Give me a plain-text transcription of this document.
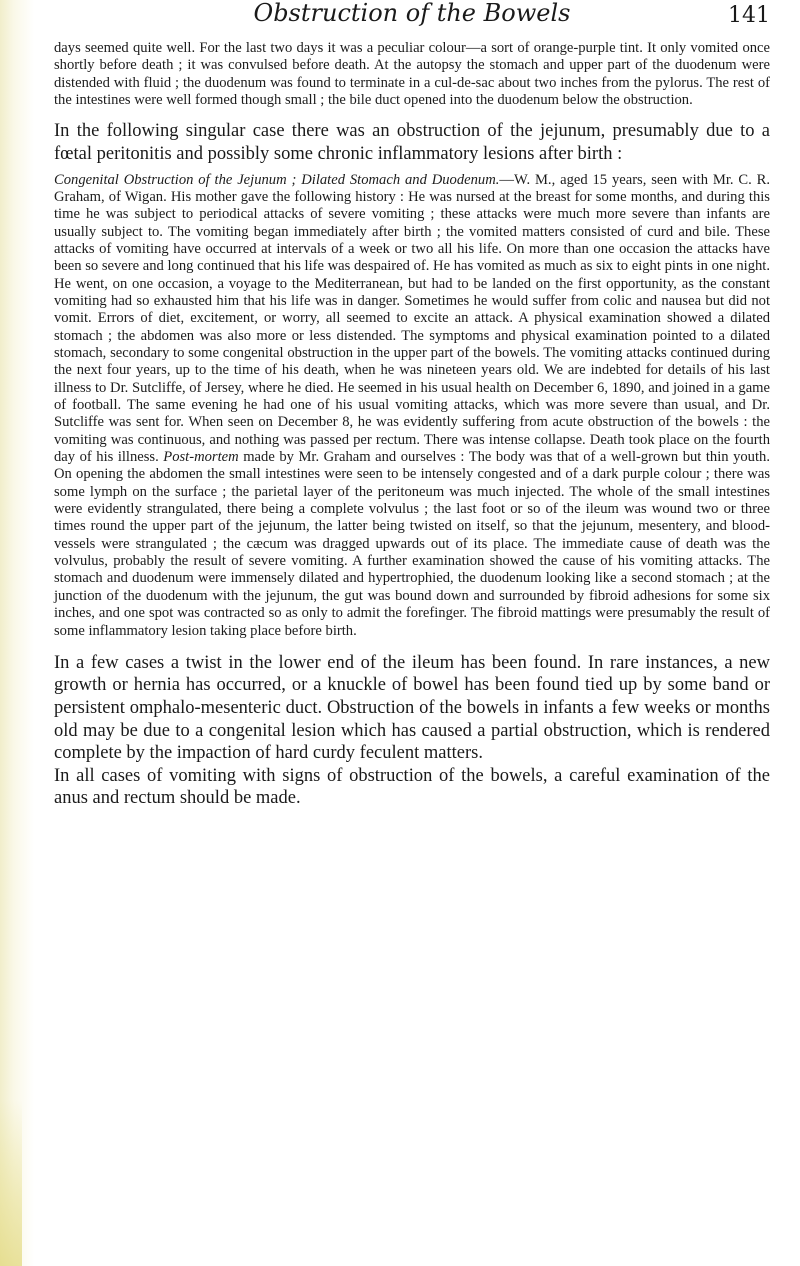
Obstruction of the Bowels	141

days seemed quite well. For the last two days it was a peculiar colour—a sort of orange-purple tint. It only vomited once shortly before death ; it was convulsed before death. At the autopsy the stomach and upper part of the duodenum were distended with fluid ; the duodenum was found to terminate in a cul-de-sac about two inches from the pylorus. The rest of the intestines were well formed though small ; the bile duct opened into the duodenum below the obstruction.

In the following singular case there was an obstruction of the jejunum, presumably due to a fœtal peritonitis and possibly some chronic inflammatory lesions after birth :

Congenital Obstruction of the Jejunum ; Dilated Stomach and Duodenum.—W. M., aged 15 years, seen with Mr. C. R. Graham, of Wigan. His mother gave the following history : He was nursed at the breast for some months, and during this time he was subject to periodical attacks of severe vomiting ; these attacks were much more severe than infants are usually subject to. The vomiting began immediately after birth ; the vomited matters consisted of curd and bile. These attacks of vomiting have occurred at intervals of a week or two all his life. On more than one occasion the attacks have been so severe and long continued that his life was despaired of. He has vomited as much as six to eight pints in one night. He went, on one occasion, a voyage to the Mediterranean, but had to be landed on the first opportunity, as the constant vomiting had so exhausted him that his life was in danger. Sometimes he would suffer from colic and nausea but did not vomit. Errors of diet, excitement, or worry, all seemed to excite an attack. A physical examination showed a dilated stomach ; the abdomen was also more or less distended. The symptoms and physical examination pointed to a dilated stomach, secondary to some congenital obstruction in the upper part of the bowels. The vomiting attacks continued during the next four years, up to the time of his death, when he was nineteen years old. We are indebted for details of his last illness to Dr. Sutcliffe, of Jersey, where he died. He seemed in his usual health on December 6, 1890, and joined in a game of football. The same evening he had one of his usual vomiting attacks, which was more severe than usual, and Dr. Sutcliffe was sent for. When seen on December 8, he was evidently suffering from acute obstruction of the bowels : the vomiting was continuous, and nothing was passed per rectum. There was intense collapse. Death took place on the fourth day of his illness. Post-mortem made by Mr. Graham and ourselves : The body was that of a well-grown but thin youth. On opening the abdomen the small intestines were seen to be intensely congested and of a dark purple colour ; there was some lymph on the surface ; the parietal layer of the peritoneum was much injected. The whole of the small intestines were evidently strangulated, there being a complete volvulus ; the last foot or so of the ileum was wound two or three times round the upper part of the jejunum, the latter being twisted on itself, so that the jejunum, mesentery, and blood-vessels were strangulated ; the cæcum was dragged upwards out of its place. The immediate cause of death was the volvulus, probably the result of severe vomiting. A further examination showed the cause of his vomiting attacks. The stomach and duodenum were immensely dilated and hypertrophied, the duodenum looking like a second stomach ; at the junction of the duodenum with the jejunum, the gut was bound down and surrounded by fibroid adhesions for some six inches, and one spot was contracted so as only to admit the forefinger. The fibroid mattings were presumably the result of some inflammatory lesion taking place before birth.

In a few cases a twist in the lower end of the ileum has been found. In rare instances, a new growth or hernia has occurred, or a knuckle of bowel has been found tied up by some band or persistent omphalo-mesenteric duct. Obstruction of the bowels in infants a few weeks or months old may be due to a congenital lesion which has caused a partial obstruction, which is rendered complete by the impaction of hard curdy feculent matters.

In all cases of vomiting with signs of obstruction of the bowels, a careful examination of the anus and rectum should be made.
